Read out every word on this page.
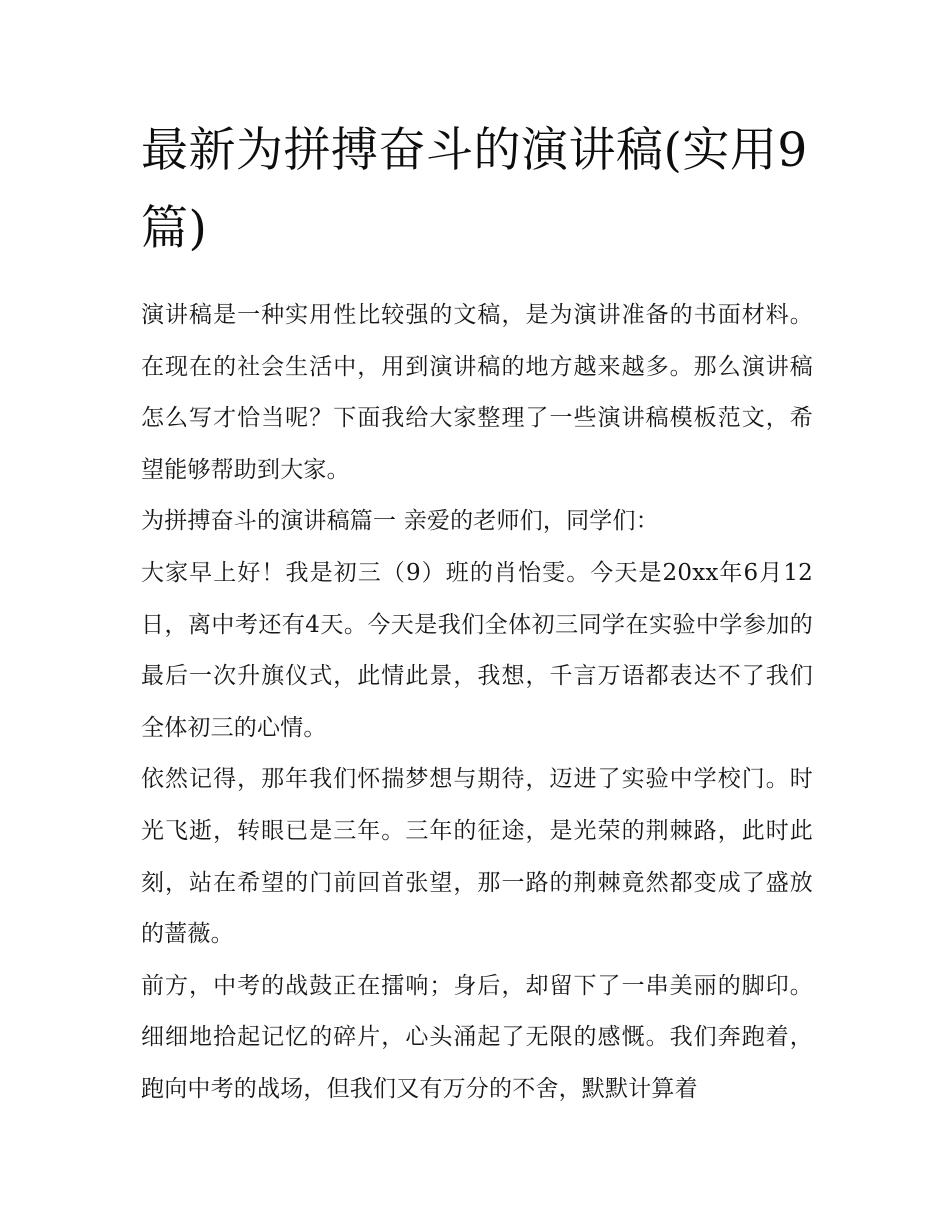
最新为拼搏奋斗的演讲稿(实用9篇)

演讲稿是一种实用性比较强的文稿，是为演讲准备的书面材料。在现在的社会生活中，用到演讲稿的地方越来越多。那么演讲稿怎么写才恰当呢？下面我给大家整理了一些演讲稿模板范文，希望能够帮助到大家。

为拼搏奋斗的演讲稿篇一 亲爱的老师们，同学们：

大家早上好！我是初三（9）班的肖怡雯。今天是20xx年6月12日，离中考还有4天。今天是我们全体初三同学在实验中学参加的最后一次升旗仪式，此情此景，我想，千言万语都表达不了我们全体初三的心情。

依然记得，那年我们怀揣梦想与期待，迈进了实验中学校门。时光飞逝，转眼已是三年。三年的征途，是光荣的荆棘路，此时此刻，站在希望的门前回首张望，那一路的荆棘竟然都变成了盛放的蔷薇。

前方，中考的战鼓正在擂响；身后，却留下了一串美丽的脚印。细细地拾起记忆的碎片，心头涌起了无限的感慨。我们奔跑着，跑向中考的战场，但我们又有万分的不舍，默默计算着
